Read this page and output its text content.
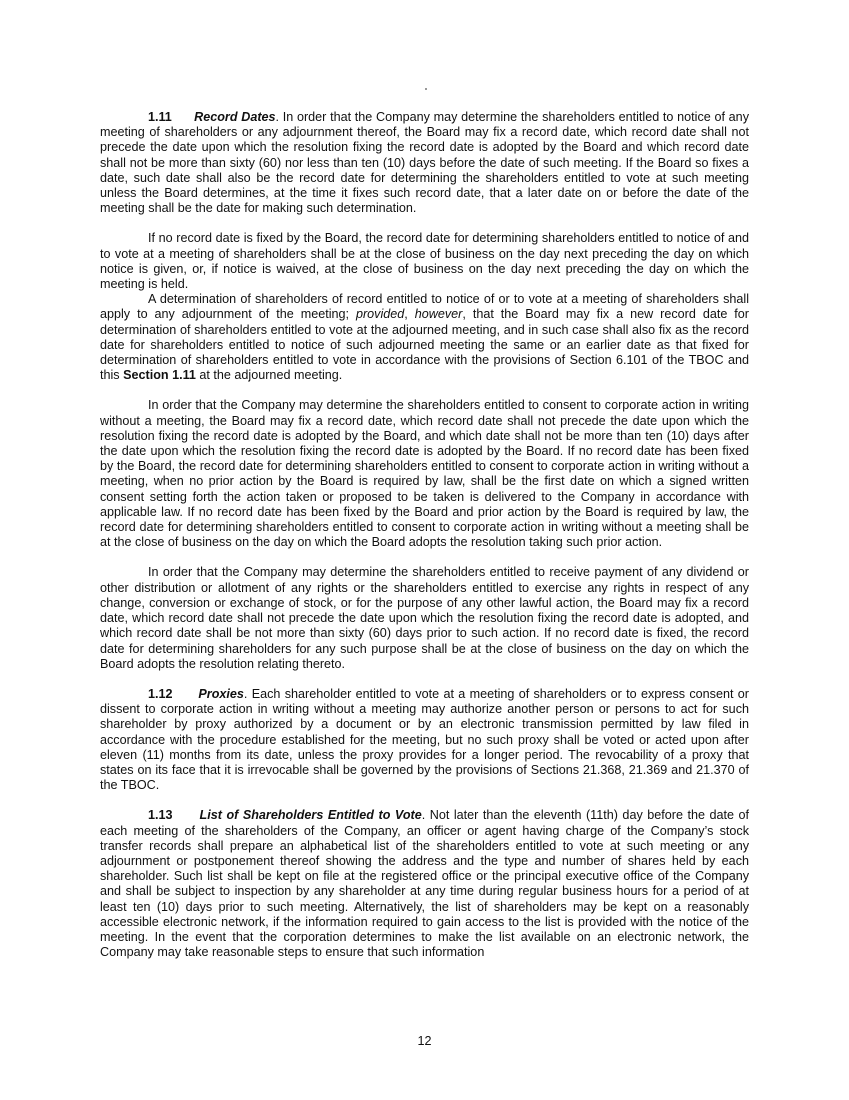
1.11 Record Dates. In order that the Company may determine the shareholders entitled to notice of any meeting of shareholders or any adjournment thereof, the Board may fix a record date, which record date shall not precede the date upon which the resolution fixing the record date is adopted by the Board and which record date shall not be more than sixty (60) nor less than ten (10) days before the date of such meeting. If the Board so fixes a date, such date shall also be the record date for determining the shareholders entitled to vote at such meeting unless the Board determines, at the time it fixes such record date, that a later date on or before the date of the meeting shall be the date for making such determination.

If no record date is fixed by the Board, the record date for determining shareholders entitled to notice of and to vote at a meeting of shareholders shall be at the close of business on the day next preceding the day on which notice is given, or, if notice is waived, at the close of business on the day next preceding the day on which the meeting is held.

A determination of shareholders of record entitled to notice of or to vote at a meeting of shareholders shall apply to any adjournment of the meeting; provided, however, that the Board may fix a new record date for determination of shareholders entitled to vote at the adjourned meeting, and in such case shall also fix as the record date for shareholders entitled to notice of such adjourned meeting the same or an earlier date as that fixed for determination of shareholders entitled to vote in accordance with the provisions of Section 6.101 of the TBOC and this Section 1.11 at the adjourned meeting.

In order that the Company may determine the shareholders entitled to consent to corporate action in writing without a meeting, the Board may fix a record date, which record date shall not precede the date upon which the resolution fixing the record date is adopted by the Board, and which date shall not be more than ten (10) days after the date upon which the resolution fixing the record date is adopted by the Board. If no record date has been fixed by the Board, the record date for determining shareholders entitled to consent to corporate action in writing without a meeting, when no prior action by the Board is required by law, shall be the first date on which a signed written consent setting forth the action taken or proposed to be taken is delivered to the Company in accordance with applicable law. If no record date has been fixed by the Board and prior action by the Board is required by law, the record date for determining shareholders entitled to consent to corporate action in writing without a meeting shall be at the close of business on the day on which the Board adopts the resolution taking such prior action.

In order that the Company may determine the shareholders entitled to receive payment of any dividend or other distribution or allotment of any rights or the shareholders entitled to exercise any rights in respect of any change, conversion or exchange of stock, or for the purpose of any other lawful action, the Board may fix a record date, which record date shall not precede the date upon which the resolution fixing the record date is adopted, and which record date shall be not more than sixty (60) days prior to such action. If no record date is fixed, the record date for determining shareholders for any such purpose shall be at the close of business on the day on which the Board adopts the resolution relating thereto.

1.12 Proxies. Each shareholder entitled to vote at a meeting of shareholders or to express consent or dissent to corporate action in writing without a meeting may authorize another person or persons to act for such shareholder by proxy authorized by a document or by an electronic transmission permitted by law filed in accordance with the procedure established for the meeting, but no such proxy shall be voted or acted upon after eleven (11) months from its date, unless the proxy provides for a longer period. The revocability of a proxy that states on its face that it is irrevocable shall be governed by the provisions of Sections 21.368, 21.369 and 21.370 of the TBOC.

1.13 List of Shareholders Entitled to Vote. Not later than the eleventh (11th) day before the date of each meeting of the shareholders of the Company, an officer or agent having charge of the Company’s stock transfer records shall prepare an alphabetical list of the shareholders entitled to vote at such meeting or any adjournment or postponement thereof showing the address and the type and number of shares held by each shareholder. Such list shall be kept on file at the registered office or the principal executive office of the Company and shall be subject to inspection by any shareholder at any time during regular business hours for a period of at least ten (10) days prior to such meeting. Alternatively, the list of shareholders may be kept on a reasonably accessible electronic network, if the information required to gain access to the list is provided with the notice of the meeting. In the event that the corporation determines to make the list available on an electronic network, the Company may take reasonable steps to ensure that such information

12
